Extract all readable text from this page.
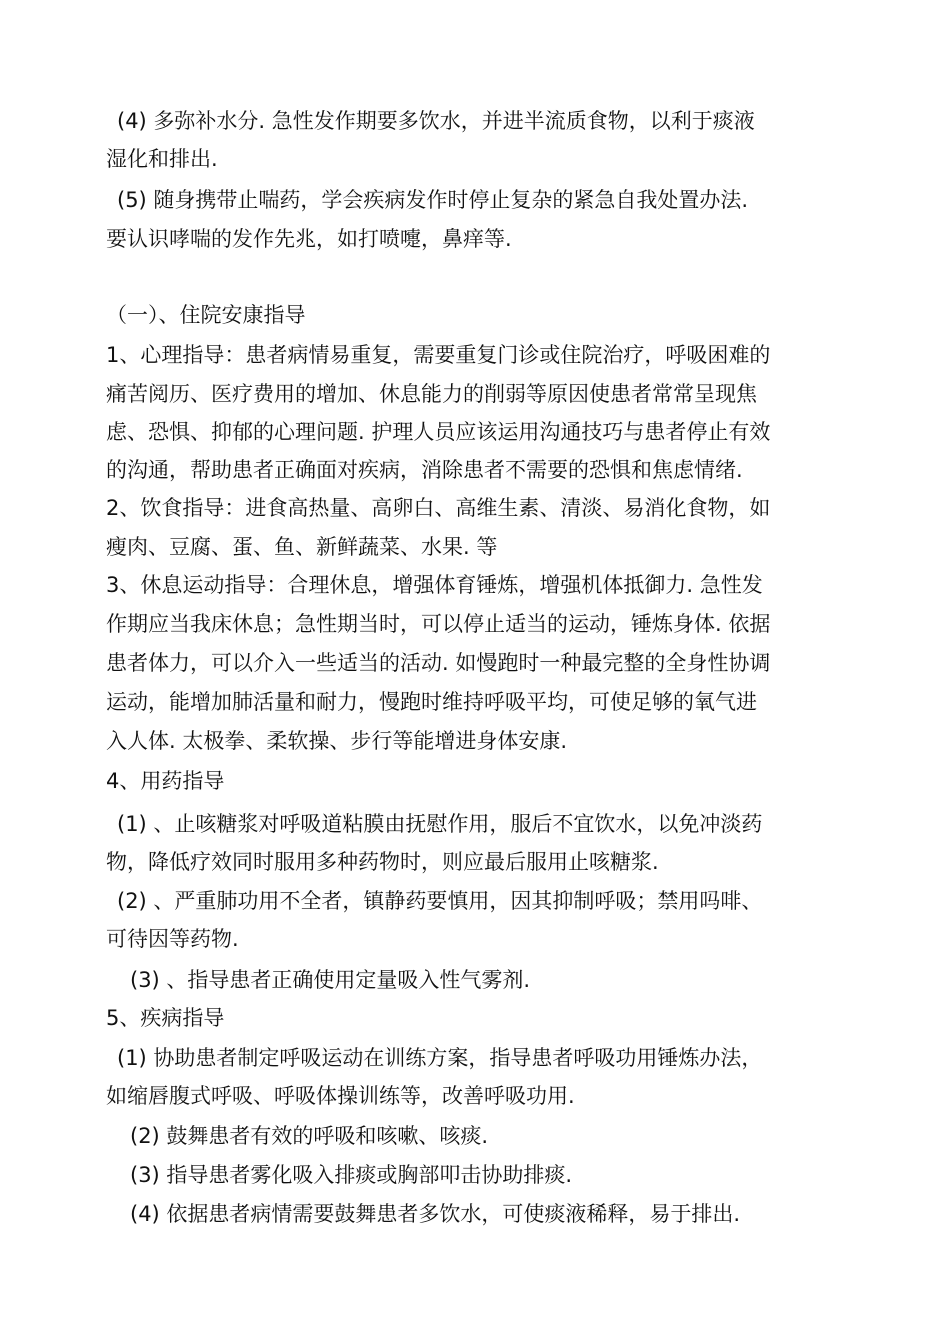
(4) 多弥补水分. 急性发作期要多饮水，并进半流质食物，以利于痰液
湿化和排出.
(5) 随身携带止喘药，学会疾病发作时停止复杂的紧急自我处置办法.
要认识哮喘的发作先兆，如打喷嚏，鼻痒等.
（一）、住院安康指导
1、心理指导：患者病情易重复，需要重复门诊或住院治疗，呼吸困难的
痛苦阅历、医疗费用的增加、休息能力的削弱等原因使患者常常呈现焦
虑、恐惧、抑郁的心理问题. 护理人员应该运用沟通技巧与患者停止有效
的沟通，帮助患者正确面对疾病，消除患者不需要的恐惧和焦虑情绪.
2、饮食指导：进食高热量、高卵白、高维生素、清淡、易消化食物，如
瘦肉、豆腐、蛋、鱼、新鲜蔬菜、水果. 等
3、休息运动指导：合理休息，增强体育锤炼，增强机体抵御力. 急性发
作期应当我床休息；急性期当时，可以停止适当的运动，锤炼身体. 依据
患者体力，可以介入一些适当的活动. 如慢跑时一种最完整的全身性协调
运动，能增加肺活量和耐力，慢跑时维持呼吸平均，可使足够的氧气进
入人体. 太极拳、柔软操、步行等能增进身体安康.
4、用药指导
(1) 、止咳糖浆对呼吸道粘膜由抚慰作用，服后不宜饮水，以免冲淡药
物，降低疗效同时服用多种药物时，则应最后服用止咳糖浆.
(2) 、严重肺功用不全者，镇静药要慎用，因其抑制呼吸；禁用吗啡、
可待因等药物.
(3) 、指导患者正确使用定量吸入性气雾剂.
5、疾病指导
(1) 协助患者制定呼吸运动在训练方案，指导患者呼吸功用锤炼办法，
如缩唇腹式呼吸、呼吸体操训练等，改善呼吸功用.
(2) 鼓舞患者有效的呼吸和咳嗽、咳痰.
(3) 指导患者雾化吸入排痰或胸部叩击协助排痰.
(4) 依据患者病情需要鼓舞患者多饮水，可使痰液稀释，易于排出.
